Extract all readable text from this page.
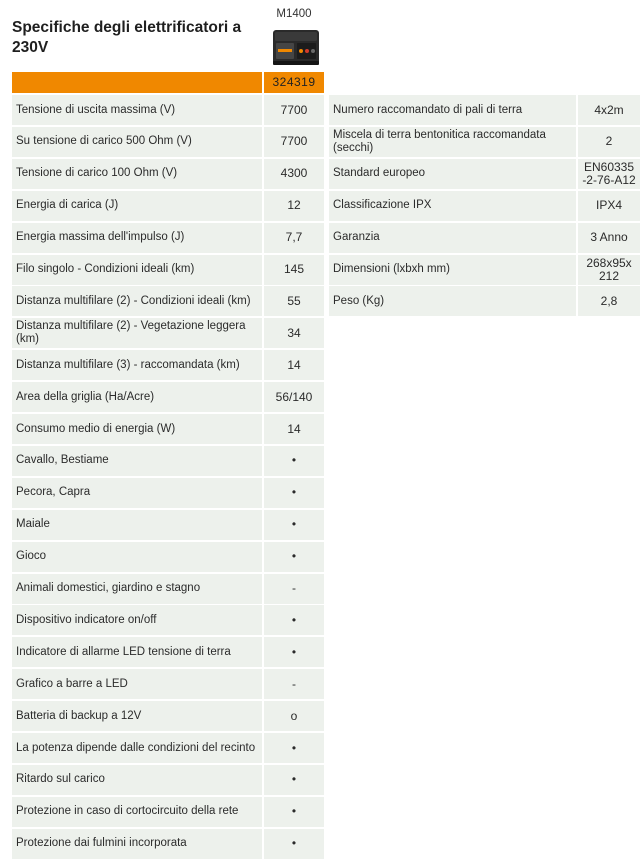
Specifiche degli elettrificatori a 230V
M1400
324319
Tensione di uscita massima (V)	7700
Su tensione di carico 500 Ohm (V)	7700
Tensione di carico 100 Ohm (V)	4300
Energia di carica (J)	12
Energia massima dell'impulso (J)	7,7
Filo singolo - Condizioni ideali (km)	145
Distanza multifilare (2) - Condizioni ideali (km)	55
Distanza multifilare (2) - Vegetazione leggera (km)	34
Distanza multifilare (3) - raccomandata (km)	14
Area della griglia (Ha/Acre)	56/140
Consumo medio di energia (W)	14
Cavallo, Bestiame	•
Pecora, Capra	•
Maiale	•
Gioco	•
Animali domestici, giardino e stagno	-
Dispositivo indicatore on/off	•
Indicatore di allarme LED tensione di terra	•
Grafico a barre a LED	-
Batteria di backup a 12V	o
La potenza dipende dalle condizioni del recinto	•
Ritardo sul carico	•
Protezione in caso di cortocircuito della rete	•
Protezione dai fulmini incorporata	•
Numero raccomandato di pali di terra	4x2m
Miscela di terra bentonitica raccomandata (secchi)	2
Standard europeo	EN60335 -2-76-A12
Classificazione IPX	IPX4
Garanzia	3 Anno
Dimensioni (lxbxh mm)	268x95x 212
Peso (Kg)	2,8
